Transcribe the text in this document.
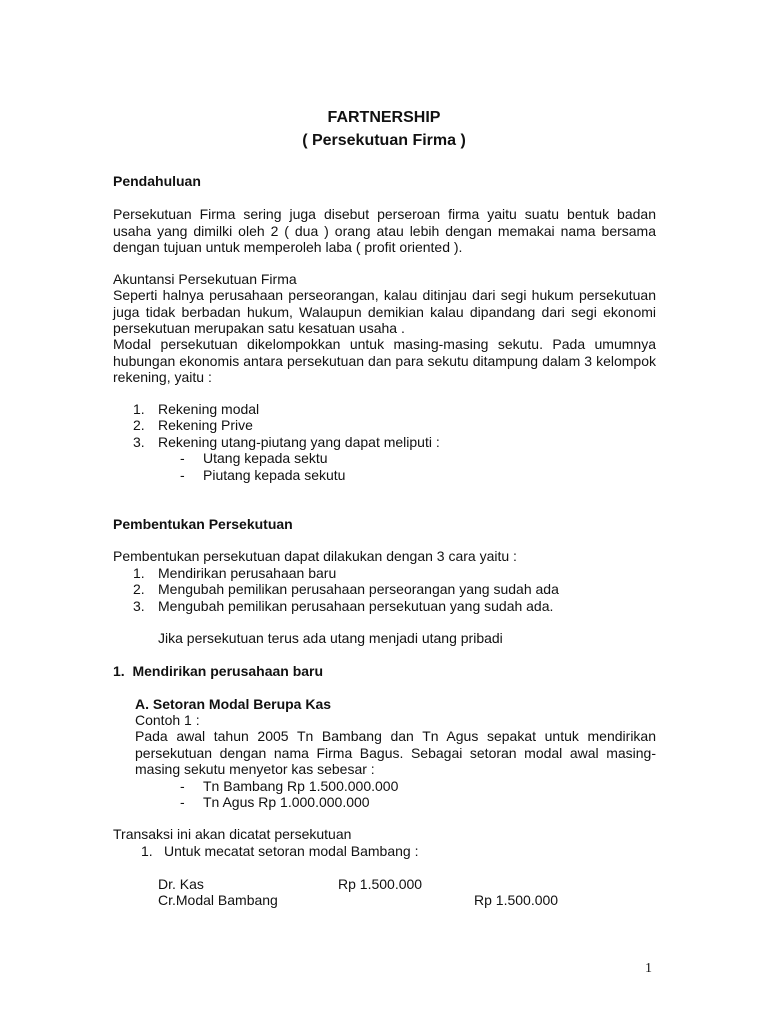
FARTNERSHIP
( Persekutuan Firma )
Pendahuluan
Persekutuan Firma sering juga disebut perseroan firma yaitu suatu bentuk badan usaha yang dimilki oleh 2 ( dua ) orang atau lebih dengan memakai nama bersama dengan tujuan untuk memperoleh laba ( profit oriented ).
Akuntansi Persekutuan Firma
Seperti halnya perusahaan perseorangan, kalau ditinjau dari segi hukum persekutuan juga tidak berbadan hukum, Walaupun demikian kalau dipandang dari segi ekonomi persekutuan merupakan satu kesatuan usaha .
Modal persekutuan dikelompokkan untuk masing-masing sekutu. Pada umumnya hubungan ekonomis antara persekutuan dan para sekutu ditampung dalam 3 kelompok rekening, yaitu :
1. Rekening modal
2. Rekening Prive
3. Rekening utang-piutang yang dapat meliputi :
- Utang kepada sektu
- Piutang kepada sekutu
Pembentukan Persekutuan
Pembentukan persekutuan dapat dilakukan dengan 3 cara yaitu :
1. Mendirikan perusahaan baru
2. Mengubah pemilikan perusahaan perseorangan yang sudah ada
3. Mengubah pemilikan perusahaan persekutuan yang sudah ada.
Jika persekutuan terus ada utang menjadi utang pribadi
1.  Mendirikan perusahaan baru
A. Setoran Modal Berupa Kas
Contoh 1 :
Pada awal tahun 2005 Tn Bambang dan Tn Agus sepakat untuk mendirikan persekutuan dengan nama Firma Bagus. Sebagai setoran modal awal masing-masing sekutu menyetor kas sebesar :
- Tn Bambang Rp 1.500.000.000
- Tn Agus Rp 1.000.000.000
Transaksi ini akan dicatat persekutuan
1. Untuk mecatat setoran modal Bambang :
Dr. Kas	Rp 1.500.000
Cr.Modal Bambang	Rp 1.500.000
1
